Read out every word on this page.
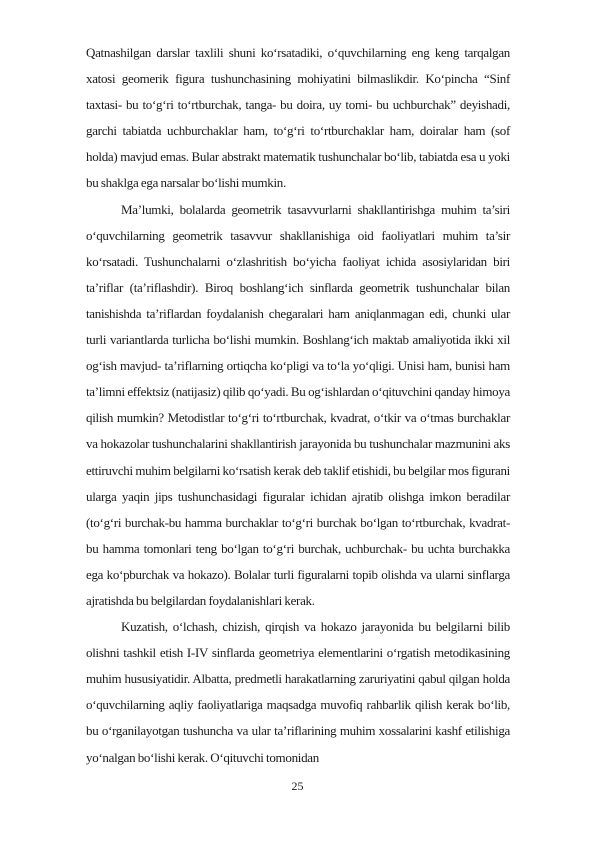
Qatnashilgan darslar taxlili shuni ko‘rsatadiki, o‘quvchilarning eng keng tarqalgan xatosi geomerik figura tushunchasining mohiyatini bilmaslikdir. Ko‘pincha “Sinf taxtasi- bu to‘g‘ri to‘rtburchak, tanga- bu doira, uy tomi- bu uchburchak” deyishadi, garchi tabiatda uchburchaklar ham, to‘g‘ri to‘rtburchaklar ham, doiralar ham (sof holda) mavjud emas. Bular abstrakt matematik tushunchalar bo‘lib, tabiatda esa u yoki bu shaklga ega narsalar bo‘lishi mumkin.

Ma’lumki, bolalarda geometrik tasavvurlarni shakllantirishga muhim ta’siri o‘quvchilarning geometrik tasavvur shakllanishiga oid faoliyatlari muhim ta’sir ko‘rsatadi. Tushunchalarni o‘zlashritish bo‘yicha faoliyat ichida asosiylaridan biri ta’riflar (ta’riflashdir). Biroq boshlang‘ich sinflarda geometrik tushunchalar bilan tanishishda ta’riflardan foydalanish chegaralari ham aniqlanmagan edi, chunki ular turli variantlarda turlicha bo‘lishi mumkin. Boshlang‘ich maktab amaliyotida ikki xil og‘ish mavjud- ta’riflarning ortiqcha ko‘pligi va to‘la yo‘qligi. Unisi ham, bunisi ham ta’limni effektsiz (natijasiz) qilib qo‘yadi. Bu og‘ishlardan o‘qituvchini qanday himoya qilish mumkin? Metodistlar to‘g‘ri to‘rtburchak, kvadrat, o‘tkir va o‘tmas burchaklar va hokazolar tushunchalarini shakllantirish jarayonida bu tushunchalar mazmunini aks ettiruvchi muhim belgilarni ko‘rsatish kerak deb taklif etishidi, bu belgilar mos figurani ularga yaqin jips tushunchasidagi figuralar ichidan ajratib olishga imkon beradilar (to‘g‘ri burchak-bu hamma burchaklar to‘g‘ri burchak bo‘lgan to‘rtburchak, kvadrat- bu hamma tomonlari teng bo‘lgan to‘g‘ri burchak, uchburchak- bu uchta burchakka ega ko‘pburchak va hokazo). Bolalar turli figuralarni topib olishda va ularni sinflarga ajratishda bu belgilardan foydalanishlari kerak.

Kuzatish, o‘lchash, chizish, qirqish va hokazo jarayonida bu belgilarni bilib olishni tashkil etish I-IV sinflarda geometriya elementlarini o‘rgatish metodikasining muhim hususiyatidir. Albatta, predmetli harakatlarning zaruriyatini qabul qilgan holda o‘quvchilarning aqliy faoliyatlariga maqsadga muvofiq rahbarlik qilish kerak bo‘lib, bu o‘rganilayotgan tushuncha va ular ta’riflarining muhim xossalarini kashf etilishiga yo‘nalgan bo‘lishi kerak. O‘qituvchi tomonidan

25
